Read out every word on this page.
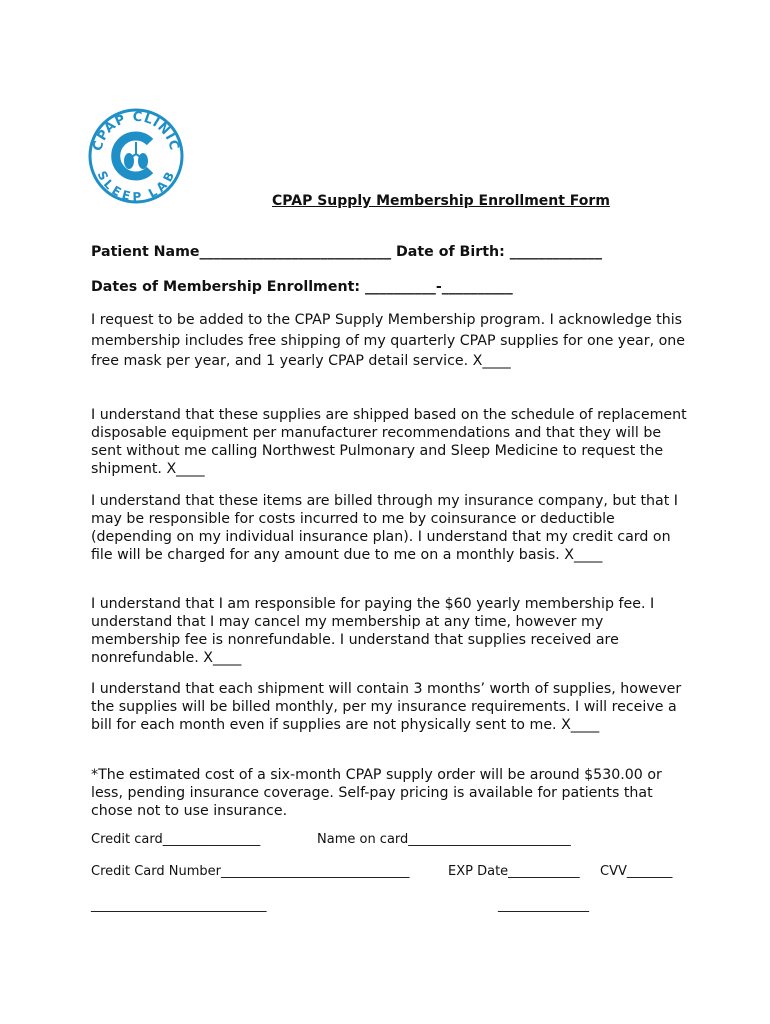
CPAP CLINIC
SLEEP LAB
CPAP Supply Membership Enrollment Form
Patient Name___________________________ Date of Birth: _____________
Dates of Membership Enrollment: __________-__________
I request to be added to the CPAP Supply Membership program. I acknowledge this membership includes free shipping of my quarterly CPAP supplies for one year, one free mask per year, and 1 yearly CPAP detail service. X____
I understand that these supplies are shipped based on the schedule of replacement disposable equipment per manufacturer recommendations and that they will be sent without me calling Northwest Pulmonary and Sleep Medicine to request the shipment. X____
I understand that these items are billed through my insurance company, but that I may be responsible for costs incurred to me by coinsurance or deductible (depending on my individual insurance plan). I understand that my credit card on file will be charged for any amount due to me on a monthly basis. X____
I understand that I am responsible for paying the $60 yearly membership fee. I understand that I may cancel my membership at any time, however my membership fee is nonrefundable. I understand that supplies received are nonrefundable. X____
I understand that each shipment will contain 3 months’ worth of supplies, however the supplies will be billed monthly, per my insurance requirements. I will receive a bill for each month even if supplies are not physically sent to me. X____
*The estimated cost of a six-month CPAP supply order will be around $530.00 or less, pending insurance coverage. Self-pay pricing is available for patients that chose not to use insurance.
Credit card_______________	Name on card_________________________
Credit Card Number_____________________________	EXP Date___________ CVV_______
___________________________	______________
